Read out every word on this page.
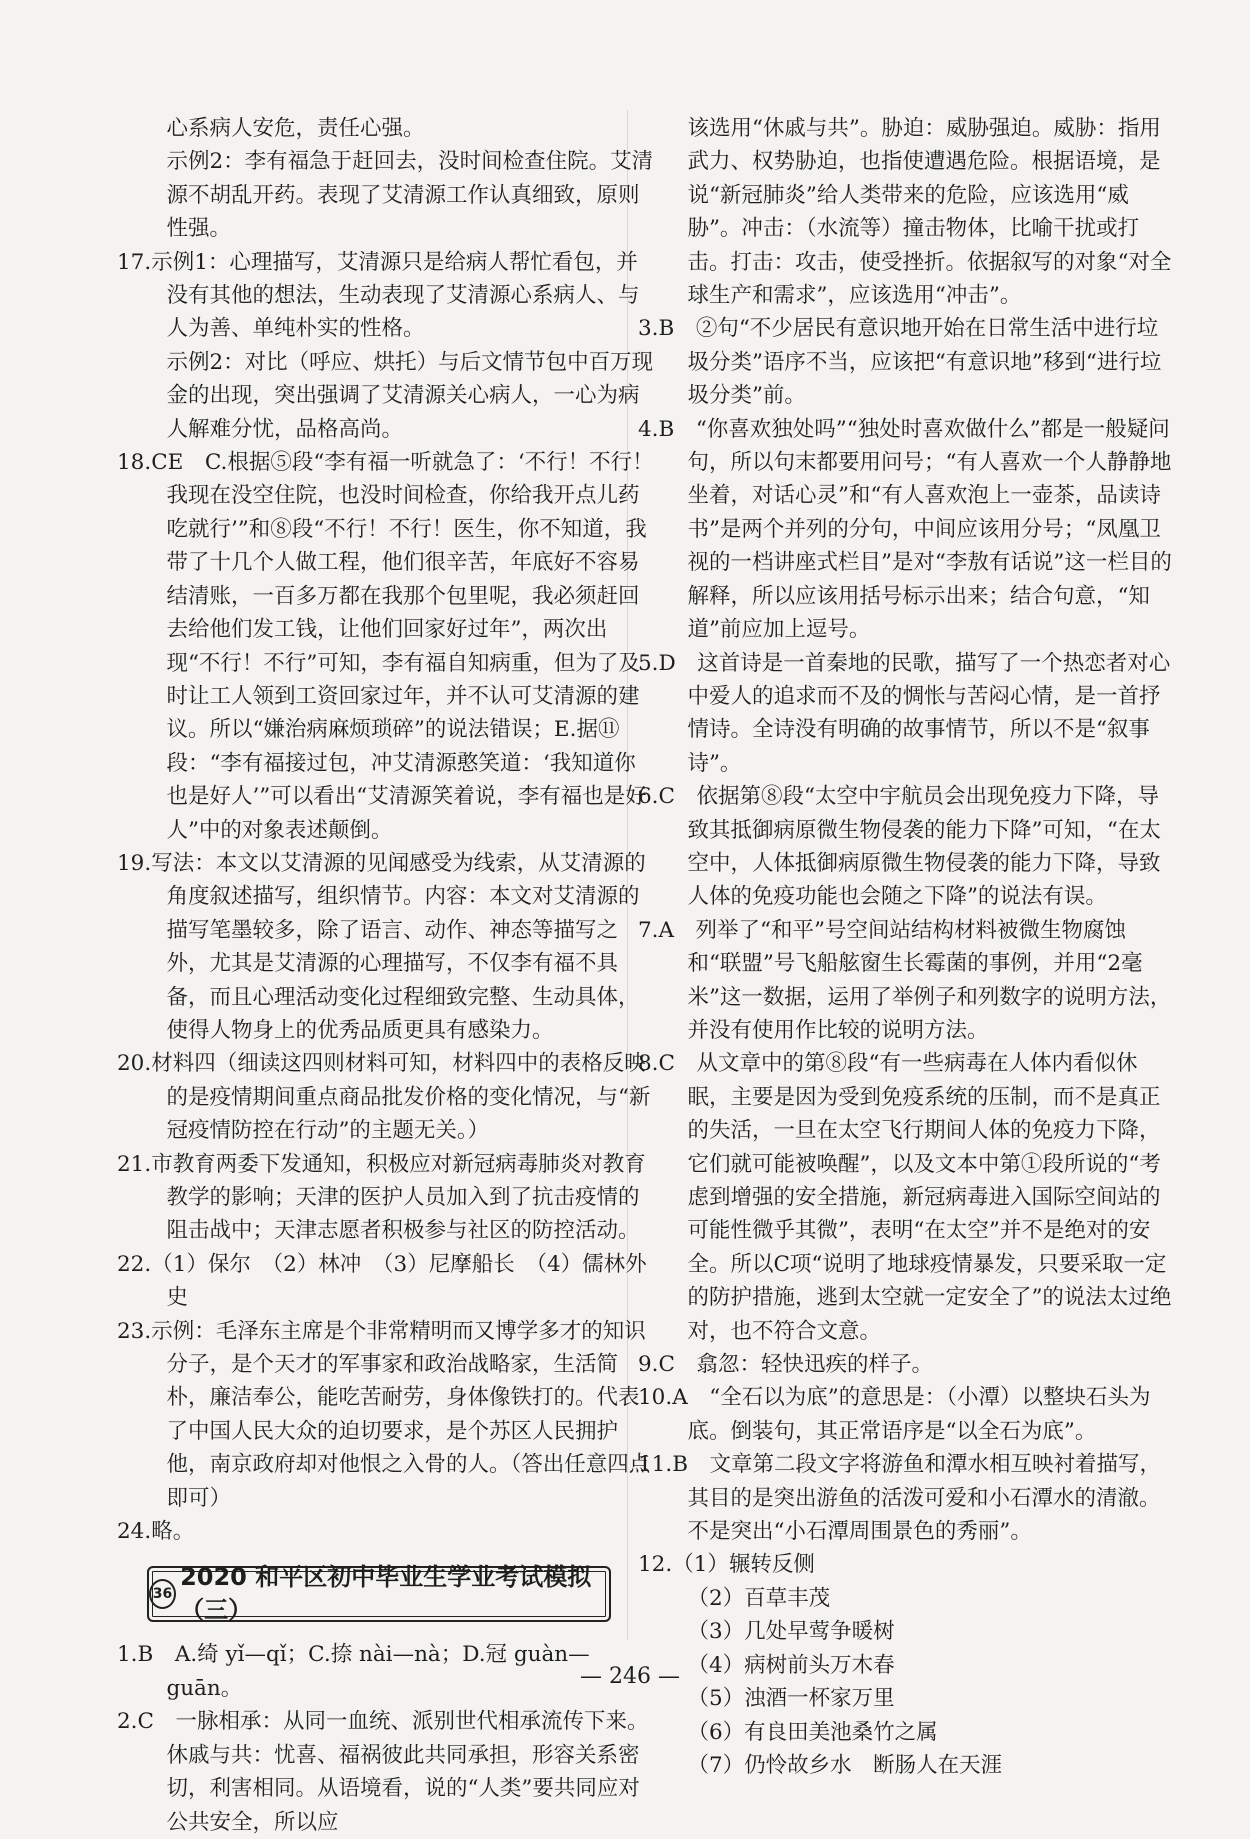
心系病人安危，责任心强。
示例2：李有福急于赶回去，没时间检查住院。艾清源不胡乱开药。表现了艾清源工作认真细致，原则性强。
17.示例1：心理描写，艾清源只是给病人帮忙看包，并没有其他的想法，生动表现了艾清源心系病人、与人为善、单纯朴实的性格。
示例2：对比（呼应、烘托）与后文情节包中百万现金的出现，突出强调了艾清源关心病人，一心为病人解难分忧，品格高尚。
18.CE　C.根据⑤段“李有福一听就急了：‘不行！不行！我现在没空住院，也没时间检查，你给我开点儿药吃就行’”和⑧段“不行！不行！医生，你不知道，我带了十几个人做工程，他们很辛苦，年底好不容易结清账，一百多万都在我那个包里呢，我必须赶回去给他们发工钱，让他们回家好过年”，两次出现“不行！不行”可知，李有福自知病重，但为了及时让工人领到工资回家过年，并不认可艾清源的建议。所以“嫌治病麻烦琐碎”的说法错误；E.据⑪段：“李有福接过包，冲艾清源憨笑道：‘我知道你也是好人’”可以看出“艾清源笑着说，李有福也是好人”中的对象表述颠倒。
19.写法：本文以艾清源的见闻感受为线索，从艾清源的角度叙述描写，组织情节。内容：本文对艾清源的描写笔墨较多，除了语言、动作、神态等描写之外，尤其是艾清源的心理描写，不仅李有福不具备，而且心理活动变化过程细致完整、生动具体，使得人物身上的优秀品质更具有感染力。
20.材料四（细读这四则材料可知，材料四中的表格反映的是疫情期间重点商品批发价格的变化情况，与“新冠疫情防控在行动”的主题无关。）
21.市教育两委下发通知，积极应对新冠病毒肺炎对教育教学的影响；天津的医护人员加入到了抗击疫情的阻击战中；天津志愿者积极参与社区的防控活动。
22.（1）保尔　（2）林冲　（3）尼摩船长　（4）儒林外史
23.示例：毛泽东主席是个非常精明而又博学多才的知识分子，是个天才的军事家和政治战略家，生活简朴，廉洁奉公，能吃苦耐劳，身体像铁打的。代表了中国人民大众的迫切要求，是个苏区人民拥护他，南京政府却对他恨之入骨的人。（答出任意四点即可）
24.略。
36
2020 和平区初中毕业生学业考试模拟（三）
1.B　A.绮 yǐ—qǐ；C.捺 nài—nà；D.冠 guàn—guān。
2.C　一脉相承：从同一血统、派别世代相承流传下来。休戚与共：忧喜、福祸彼此共同承担，形容关系密切，利害相同。从语境看，说的“人类”要共同应对公共安全，所以应
该选用“休戚与共”。胁迫：威胁强迫。威胁：指用武力、权势胁迫，也指使遭遇危险。根据语境，是说“新冠肺炎”给人类带来的危险，应该选用“威胁”。冲击：（水流等）撞击物体，比喻干扰或打击。打击：攻击，使受挫折。依据叙写的对象“对全球生产和需求”，应该选用“冲击”。
3.B　②句“不少居民有意识地开始在日常生活中进行垃圾分类”语序不当，应该把“有意识地”移到“进行垃圾分类”前。
4.B　“你喜欢独处吗”“独处时喜欢做什么”都是一般疑问句，所以句末都要用问号；“有人喜欢一个人静静地坐着，对话心灵”和“有人喜欢泡上一壶茶，品读诗书”是两个并列的分句，中间应该用分号；“凤凰卫视的一档讲座式栏目”是对“李敖有话说”这一栏目的解释，所以应该用括号标示出来；结合句意，“知道”前应加上逗号。
5.D　这首诗是一首秦地的民歌，描写了一个热恋者对心中爱人的追求而不及的惆怅与苦闷心情，是一首抒情诗。全诗没有明确的故事情节，所以不是“叙事诗”。
6.C　依据第⑧段“太空中宇航员会出现免疫力下降，导致其抵御病原微生物侵袭的能力下降”可知，“在太空中，人体抵御病原微生物侵袭的能力下降，导致人体的免疫功能也会随之下降”的说法有误。
7.A　列举了“和平”号空间站结构材料被微生物腐蚀和“联盟”号飞船舷窗生长霉菌的事例，并用“2毫米”这一数据，运用了举例子和列数字的说明方法，并没有使用作比较的说明方法。
8.C　从文章中的第⑧段“有一些病毒在人体内看似休眠，主要是因为受到免疫系统的压制，而不是真正的失活，一旦在太空飞行期间人体的免疫力下降，它们就可能被唤醒”，以及文本中第①段所说的“考虑到增强的安全措施，新冠病毒进入国际空间站的可能性微乎其微”，表明“在太空”并不是绝对的安全。所以C项“说明了地球疫情暴发，只要采取一定的防护措施，逃到太空就一定安全了”的说法太过绝对，也不符合文意。
9.C　翕忽：轻快迅疾的样子。
10.A　“全石以为底”的意思是：（小潭）以整块石头为底。倒装句，其正常语序是“以全石为底”。
11.B　文章第二段文字将游鱼和潭水相互映衬着描写，其目的是突出游鱼的活泼可爱和小石潭水的清澈。不是突出“小石潭周围景色的秀丽”。
12.（1）辗转反侧
（2）百草丰茂
（3）几处早莺争暖树
（4）病树前头万木春
（5）浊酒一杯家万里
（6）有良田美池桑竹之属
（7）仍怜故乡水　断肠人在天涯
— 246 —
